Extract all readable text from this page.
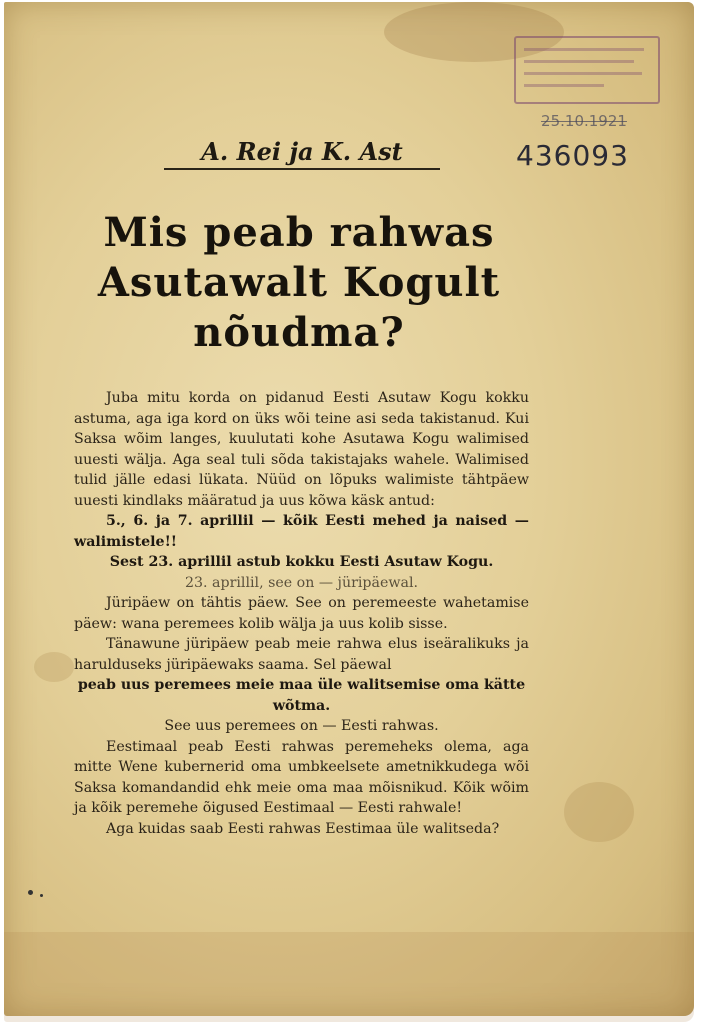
25.10.1921
436093
A. Rei ja K. Ast
Mis peab rahwas
Asutawalt Kogult
nõudma?

Juba mitu korda on pidanud Eesti Asutaw Kogu kokku astuma, aga iga kord on üks wõi teine asi seda takistanud. Kui Saksa wõim langes, kuulutati kohe Asutawa Kogu walimised uuesti wälja. Aga seal tuli sõda takistajaks wahele. Walimised tulid jälle edasi lükata. Nüüd on lõpuks walimiste tähtpäew uuesti kindlaks määratud ja uus kõwa käsk antud:

5., 6. ja 7. aprillil — kõik Eesti mehed ja naised — walimistele!!

Sest 23. aprillil astub kokku Eesti Asutaw Kogu.

23. aprillil, see on — jüripäewal.

Jüripäew on tähtis päew. See on peremeeste wahetamise päew: wana peremees kolib wälja ja uus kolib sisse.

Tänawune jüripäew peab meie rahwa elus iseäralikuks ja harulduseks jüripäewaks saama. Sel päewal

peab uus peremees meie maa üle walitsemise oma kätte wõtma.

See uus peremees on — Eesti rahwas.

Eestimaal peab Eesti rahwas peremeheks olema, aga mitte Wene kubernerid oma umbkeelsete ametnikkudega wõi Saksa komandandid ehk meie oma maa mõisnikud. Kõik wõim ja kõik peremehe õigused Eestimaal — Eesti rahwale!

Aga kuidas saab Eesti rahwas Eestimaa üle walitseda?
